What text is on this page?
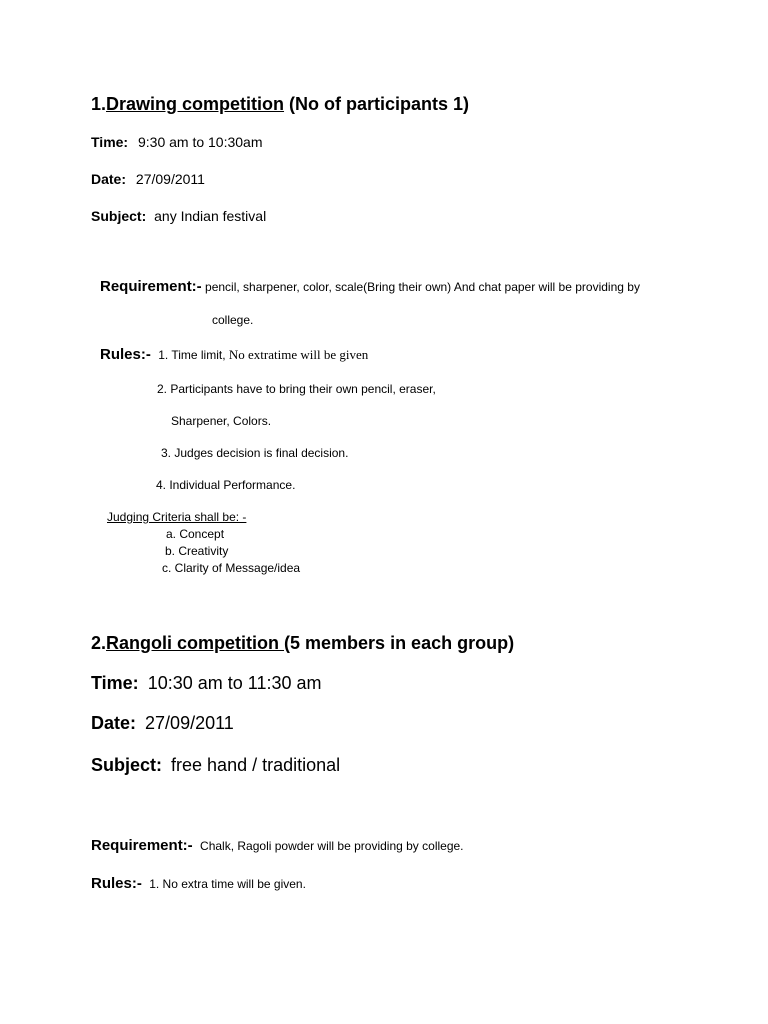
1.Drawing competition (No of participants 1)
Time: 9:30 am to 10:30am
Date: 27/09/2011
Subject: any Indian festival
Requirement:- pencil, sharpener, color, scale(Bring their own) And chat paper will be providing by
college.
Rules:- 1. Time limit, No extratime will be given
2. Participants have to bring their own pencil, eraser,
Sharpener, Colors.
3. Judges decision is final decision.
4. Individual Performance.
Judging Criteria shall be: -
a. Concept
b. Creativity
c. Clarity of Message/idea
2.Rangoli competition (5 members in each group)
Time: 10:30 am to 11:30 am
Date: 27/09/2011
Subject: free hand / traditional
Requirement:- Chalk, Ragoli powder will be providing by college.
Rules:- 1. No extra time will be given.
